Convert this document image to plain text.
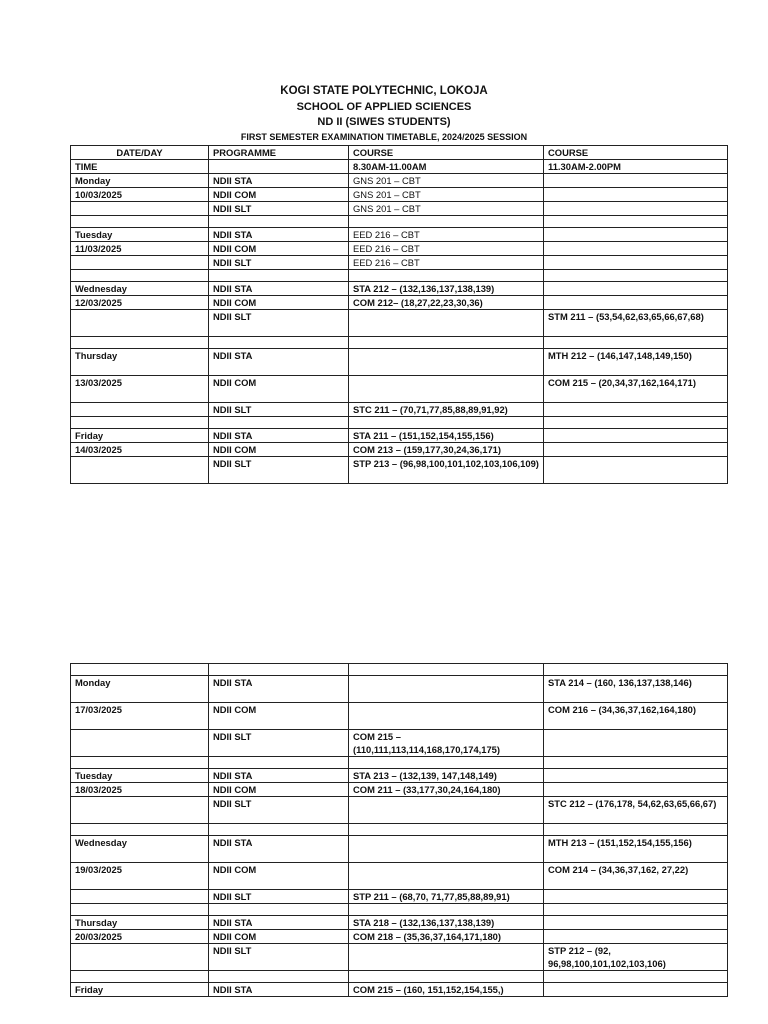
KOGI STATE POLYTECHNIC, LOKOJA
SCHOOL OF APPLIED SCIENCES
ND II (SIWES STUDENTS)
FIRST SEMESTER EXAMINATION TIMETABLE, 2024/2025 SESSION
DATE/DAY	PROGRAMME	COURSE	COURSE
TIME		8.30AM-11.00AM	11.30AM-2.00PM
Monday	NDII STA	GNS 201 – CBT	
10/03/2025	NDII COM	GNS 201 – CBT	
	NDII SLT	GNS 201 – CBT	

Tuesday	NDII STA	EED 216 – CBT	
11/03/2025	NDII COM	EED 216 – CBT	
	NDII SLT	EED 216 – CBT	

Wednesday	NDII STA	STA 212 – (132,136,137,138,139)	
12/03/2025	NDII COM	COM 212– (18,27,22,23,30,36)	
	NDII SLT		STM 211 – (53,54,62,63,65,66,67,68)

Thursday	NDII STA		MTH 212 – (146,147,148,149,150)
13/03/2025	NDII COM		COM 215 – (20,34,37,162,164,171)
	NDII SLT	STC 211 – (70,71,77,85,88,89,91,92)	

Friday	NDII STA	STA 211 – (151,152,154,155,156)	
14/03/2025	NDII COM	COM 213 – (159,177,30,24,36,171)	
	NDII SLT	STP 213 – (96,98,100,101,102,103,106,109)	

Monday	NDII STA		STA 214 – (160, 136,137,138,146)
17/03/2025	NDII COM		COM 216 – (34,36,37,162,164,180)
	NDII SLT	COM 215 – (110,111,113,114,168,170,174,175)	

Tuesday	NDII STA	STA 213 – (132,139, 147,148,149)	
18/03/2025	NDII COM	COM 211 – (33,177,30,24,164,180)	
	NDII SLT		STC 212 – (176,178, 54,62,63,65,66,67)

Wednesday	NDII STA		MTH 213 – (151,152,154,155,156)
19/03/2025	NDII COM		COM 214 – (34,36,37,162, 27,22)
	NDII SLT	STP 211 – (68,70, 71,77,85,88,89,91)	

Thursday	NDII STA	STA 218 – (132,136,137,138,139)	
20/03/2025	NDII COM	COM 218 – (35,36,37,164,171,180)	
	NDII SLT		STP 212 – (92, 96,98,100,101,102,103,106)

Friday	NDII STA	COM 215 – (160, 151,152,154,155,)	
